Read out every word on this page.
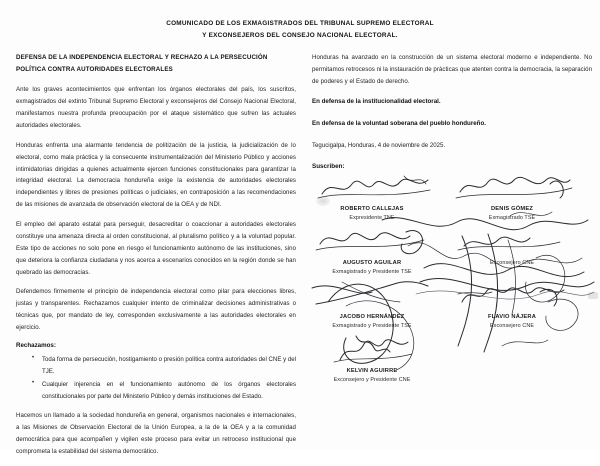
COMUNICADO DE LOS EXMAGISTRADOS DEL TRIBUNAL SUPREMO ELECTORAL
Y EXCONSEJEROS DEL CONSEJO NACIONAL ELECTORAL.
DEFENSA DE LA INDEPENDENCIA ELECTORAL Y RECHAZO A LA PERSECUCIÓN POLÍTICA CONTRA AUTORIDADES ELECTORALES

Ante los graves acontecimientos que enfrentan los órganos electorales del país, los suscritos, exmagistrados del extinto Tribunal Supremo Electoral y exconsejeros del Consejo Nacional Electoral, manifestamos nuestra profunda preocupación por el ataque sistemático que sufren las actuales autoridades electorales.

Honduras enfrenta una alarmante tendencia de politización de la justicia, la judicialización de lo electoral, como mala práctica y la consecuente instrumentalización del Ministerio Público y acciones intimidatorias dirigidas a quienes actualmente ejercen funciones constitucionales para garantizar la integridad electoral. La democracia hondureña exige la existencia de autoridades electorales independientes y libres de presiones políticas o judiciales, en contraposición a las recomendaciones de las misiones de avanzada de observación electoral de la OEA y de NDI.

El empleo del aparato estatal para perseguir, desacreditar o coaccionar a autoridades electorales constituye una amenaza directa al orden constitucional, al pluralismo político y a la voluntad popular. Este tipo de acciones no solo pone en riesgo el funcionamiento autónomo de las instituciones, sino que deteriora la confianza ciudadana y nos acerca a escenarios conocidos en la región donde se han quebrado las democracias.

Defendemos firmemente el principio de independencia electoral como pilar para elecciones libres, justas y transparentes. Rechazamos cualquier intento de criminalizar decisiones administrativas o técnicas que, por mandato de ley, corresponden exclusivamente a las autoridades electorales en ejercicio.

Rechazamos:
• Toda forma de persecución, hostigamiento o presión política contra autoridades del CNE y del TJE.
• Cualquier injerencia en el funcionamiento autónomo de los órganos electorales constitucionales por parte del Ministerio Público y demás instituciones del Estado.

Hacemos un llamado a la sociedad hondureña en general, organismos nacionales e internacionales, a las Misiones de Observación Electoral de la Unión Europea, a la de la OEA y a la comunidad democrática para que acompañen y vigilen este proceso para evitar un retroceso institucional que comprometa la estabilidad del sistema democrático.

Honduras ha avanzado en la construcción de un sistema electoral moderno e independiente. No permitamos retrocesos ni la instauración de prácticas que atenten contra la democracia, la separación de poderes y el Estado de derecho.

En defensa de la institucionalidad electoral.
En defensa de la voluntad soberana del pueblo hondureño.
Tegucigalpa, Honduras, 4 de noviembre de 2025.
Suscriben:
ROBERTO CALLEJAS
Expresidente TNE
DENIS GÓMEZ
Exmagistrado TSE
AUGUSTO AGUILAR
Exmagistrado y Presidente TSE
Exconsejero CNE
JACOBO HERNÁNDEZ
Exmagistrado y Presidente TSE
FLAVIO NÁJERA
Exconsejero CNE
KELVIN AGUIRRE
Exconsejero y Presidente CNE
